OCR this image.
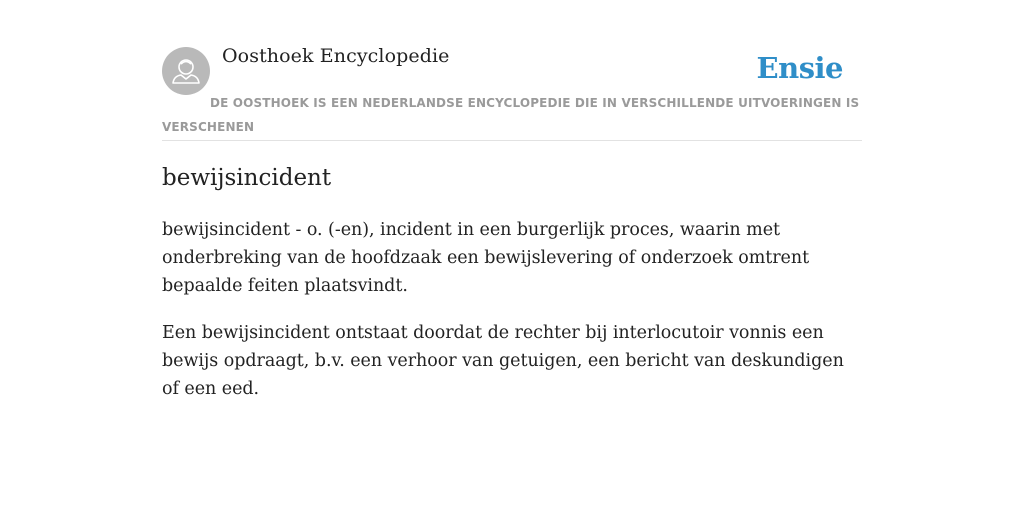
Oosthoek Encyclopedie	Ensie
DE OOSTHOEK IS EEN NEDERLANDSE ENCYCLOPEDIE DIE IN VERSCHILLENDE UITVOERINGEN IS VERSCHENEN
bewijsincident

bewijsincident - o. (-en), incident in een burgerlijk proces, waarin met onderbreking van de hoofdzaak een bewijslevering of onderzoek omtrent bepaalde feiten plaatsvindt.

Een bewijsincident ontstaat doordat de rechter bij interlocutoir vonnis een bewijs opdraagt, b.v. een verhoor van getuigen, een bericht van deskundigen of een eed.
